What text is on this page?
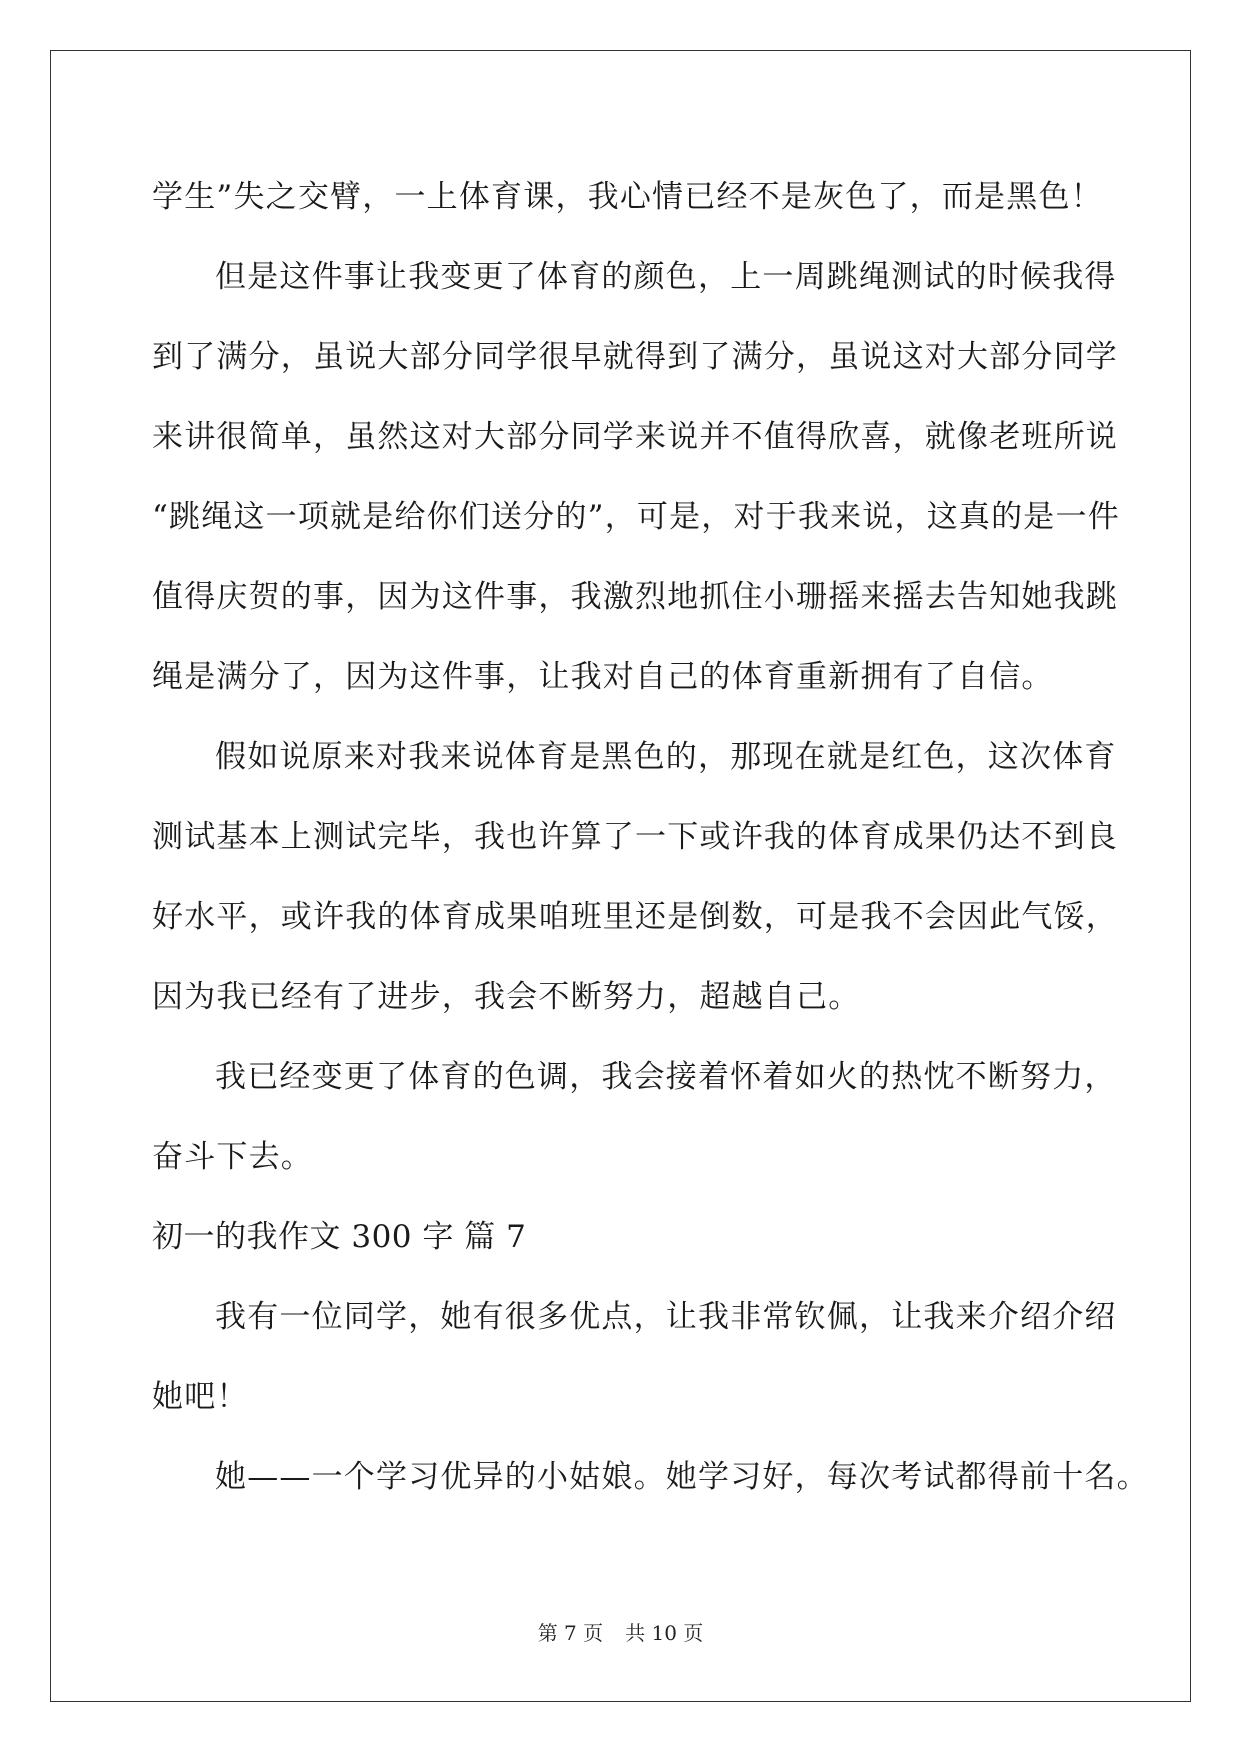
学生”失之交臂，一上体育课，我心情已经不是灰色了，而是黑色！
但是这件事让我变更了体育的颜色，上一周跳绳测试的时候我得
到了满分，虽说大部分同学很早就得到了满分，虽说这对大部分同学
来讲很简单，虽然这对大部分同学来说并不值得欣喜，就像老班所说
“跳绳这一项就是给你们送分的”，可是，对于我来说，这真的是一件
值得庆贺的事，因为这件事，我激烈地抓住小珊摇来摇去告知她我跳
绳是满分了，因为这件事，让我对自己的体育重新拥有了自信。
假如说原来对我来说体育是黑色的，那现在就是红色，这次体育
测试基本上测试完毕，我也许算了一下或许我的体育成果仍达不到良
好水平，或许我的体育成果咱班里还是倒数，可是我不会因此气馁，
因为我已经有了进步，我会不断努力，超越自己。
我已经变更了体育的色调，我会接着怀着如火的热忱不断努力，
奋斗下去。
初一的我作文 300 字 篇 7
我有一位同学，她有很多优点，让我非常钦佩，让我来介绍介绍
她吧！
她——一个学习优异的小姑娘。她学习好，每次考试都得前十名。
第 7 页 共 10 页
